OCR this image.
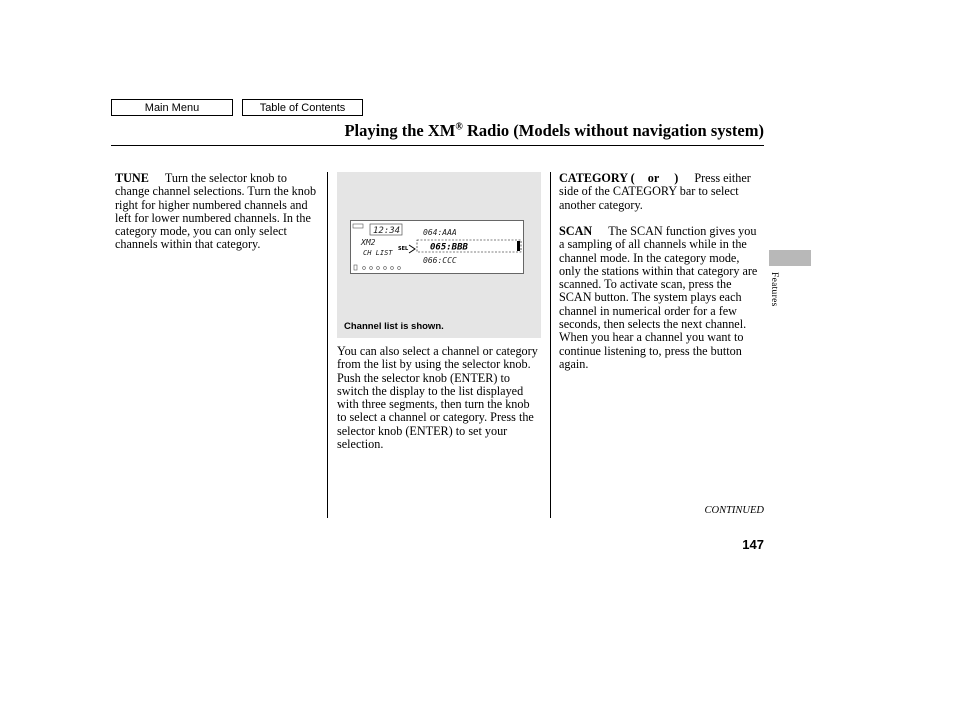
Main Menu	Table of Contents
Playing the XM® Radio (Models without navigation system)

TUNE Turn the selector knob to change channel selections. Turn the knob right for higher numbered channels and left for lower numbered channels. In the category mode, you can only select channels within that category.

12:34
XM2
CH LIST SEL
064:AAA
065:BBB
066:CCC
Channel list is shown.

You can also select a channel or category from the list by using the selector knob. Push the selector knob (ENTER) to switch the display to the list displayed with three segments, then turn the knob to select a channel or category. Press the selector knob (ENTER) to set your selection.

CATEGORY ( or ) Press either side of the CATEGORY bar to select another category.

SCAN The SCAN function gives you a sampling of all channels while in the channel mode. In the category mode, only the stations within that category are scanned. To activate scan, press the SCAN button. The system plays each channel in numerical order for a few seconds, then selects the next channel. When you hear a channel you want to continue listening to, press the button again.

Features
CONTINUED
147
